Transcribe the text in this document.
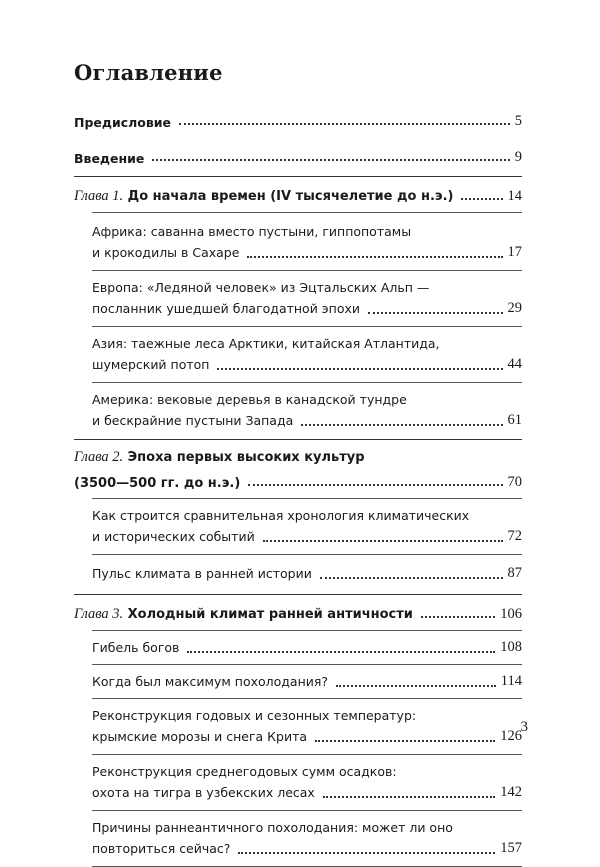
Оглавление
Предисловие	5
Введение	9
Глава 1. До начала времен (IV тысячелетие до н.э.)	14
Африка: саванна вместо пустыни, гиппопотамы
и крокодилы в Сахаре	17
Европа: «Ледяной человек» из Эцтальских Альп —
посланник ушедшей благодатной эпохи	29
Азия: таежные леса Арктики, китайская Атлантида,
шумерский потоп	44
Америка: вековые деревья в канадской тундре
и бескрайние пустыни Запада	61
Глава 2. Эпоха первых высоких культур
(3500—500 гг. до н.э.)	70
Как строится сравнительная хронология климатических
и исторических событий	72
Пульс климата в ранней истории	87
Глава 3. Холодный климат ранней античности	106
Гибель богов	108
Когда был максимум похолодания?	114
Реконструкция годовых и сезонных температур:
крымские морозы и снега Крита	126
Реконструкция среднегодовых сумм осадков:
охота на тигра в узбекских лесах	142
Причины раннеантичного похолодания: может ли оно
повториться сейчас?	157
3
